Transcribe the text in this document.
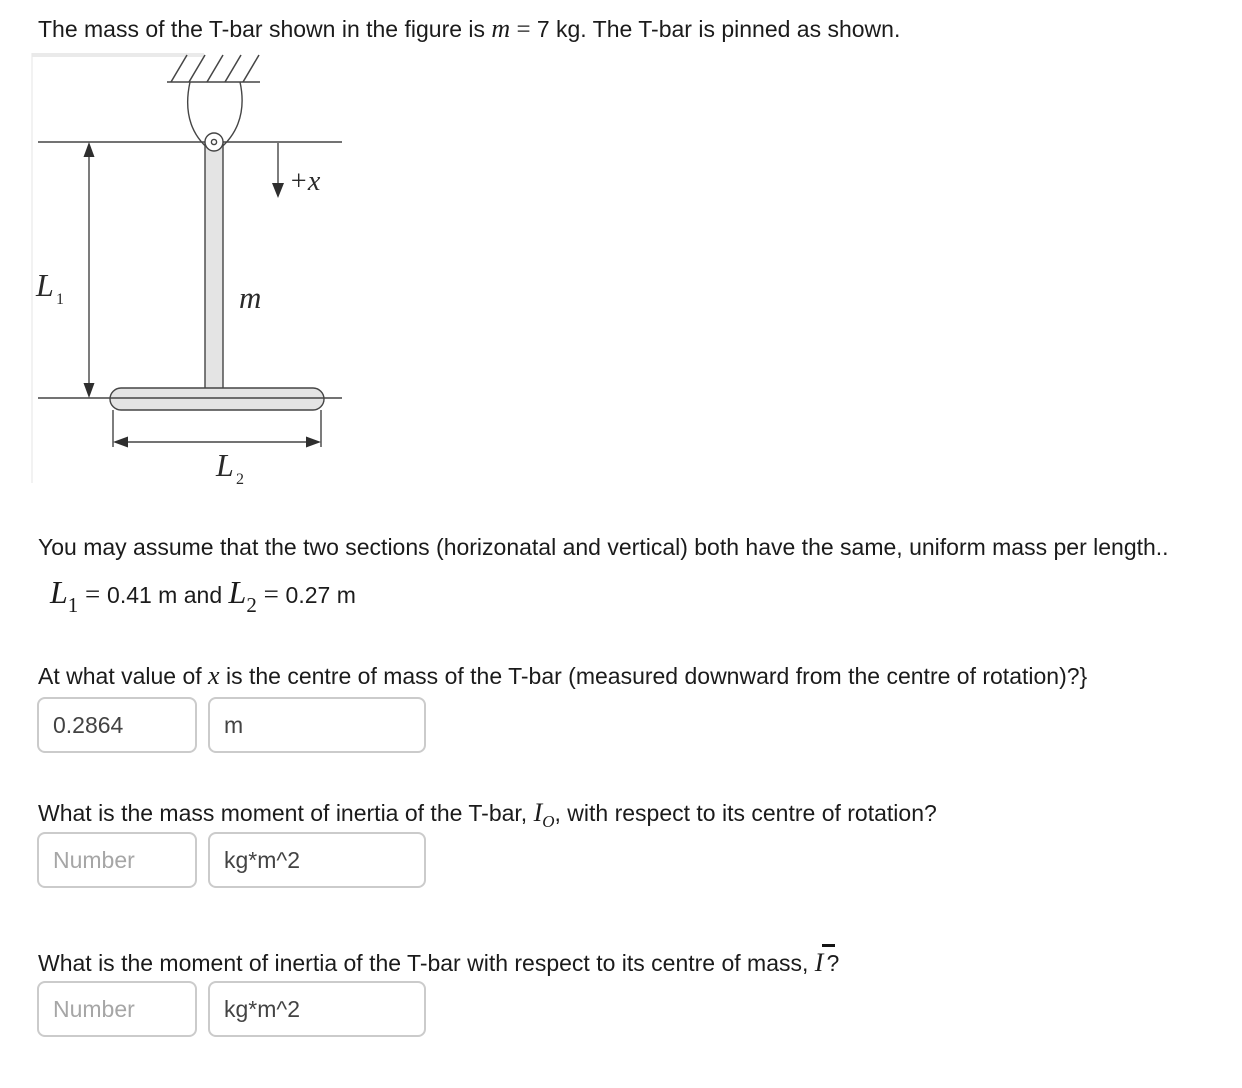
The mass of the T-bar shown in the figure is m = 7 kg. The T-bar is pinned as shown.
L 1	m
+x
L 2
You may assume that the two sections (horizonatal and vertical) both have the same, uniform mass per length..
L1 = 0.41 m and L2 = 0.27 m
At what value of x is the centre of mass of the T-bar (measured downward from the centre of rotation)?}
0.2864
m
What is the mass moment of inertia of the T-bar, $I_O$, with respect to its centre of rotation?
Number
kg*m^2
What is the moment of inertia of the T-bar with respect to its centre of mass,
I ?
Number
kg*m^2
